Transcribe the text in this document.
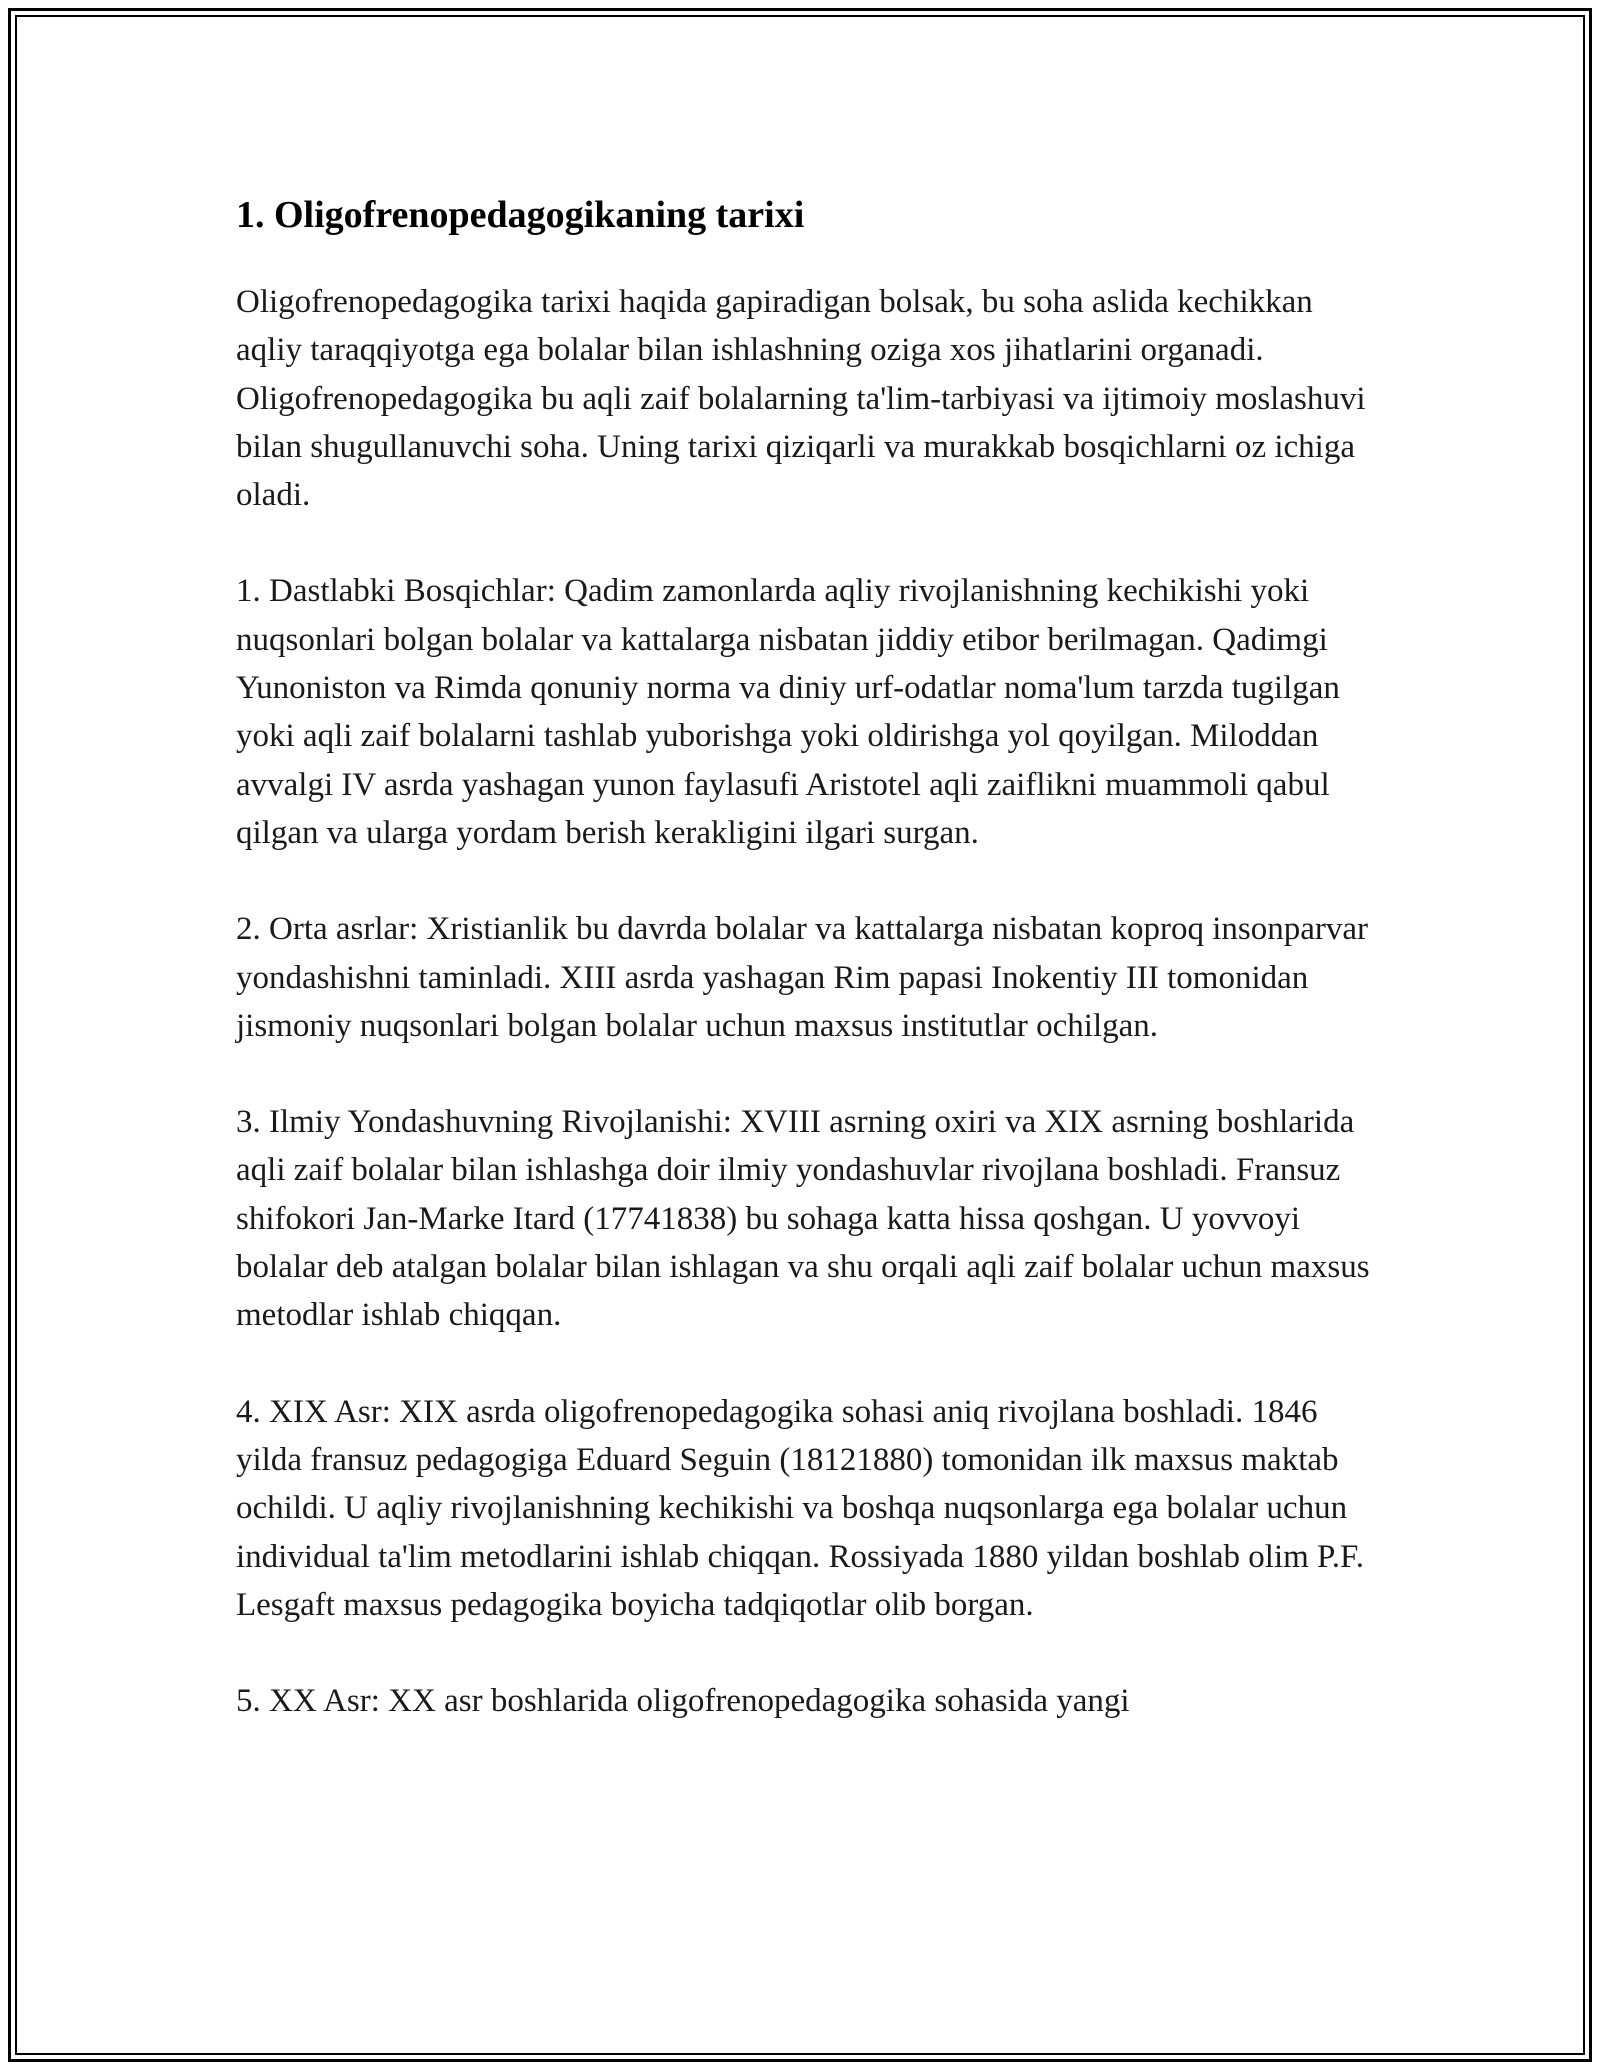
1. Oligofrenopedagogikaning tarixi

Oligofrenopedagogika tarixi haqida gapiradigan bolsak, bu soha aslida kechikkan aqliy taraqqiyotga ega bolalar bilan ishlashning oziga xos jihatlarini organadi. Oligofrenopedagogika bu aqli zaif bolalarning ta'lim-tarbiyasi va ijtimoiy moslashuvi bilan shugullanuvchi soha. Uning tarixi qiziqarli va murakkab bosqichlarni oz ichiga oladi.

1. Dastlabki Bosqichlar: Qadim zamonlarda aqliy rivojlanishning kechikishi yoki nuqsonlari bolgan bolalar va kattalarga nisbatan jiddiy etibor berilmagan. Qadimgi Yunoniston va Rimda qonuniy norma va diniy urf-odatlar noma'lum tarzda tugilgan yoki aqli zaif bolalarni tashlab yuborishga yoki oldirishga yol qoyilgan. Miloddan avvalgi IV asrda yashagan yunon faylasufi Aristotel aqli zaiflikni muammoli qabul qilgan va ularga yordam berish kerakligini ilgari surgan.

2. Orta asrlar: Xristianlik bu davrda bolalar va kattalarga nisbatan koproq insonparvar yondashishni taminladi. XIII asrda yashagan Rim papasi Inokentiy III tomonidan jismoniy nuqsonlari bolgan bolalar uchun maxsus institutlar ochilgan.

3. Ilmiy Yondashuvning Rivojlanishi: XVIII asrning oxiri va XIX asrning boshlarida aqli zaif bolalar bilan ishlashga doir ilmiy yondashuvlar rivojlana boshladi. Fransuz shifokori Jan-Marke Itard (17741838) bu sohaga katta hissa qoshgan. U yovvoyi bolalar deb atalgan bolalar bilan ishlagan va shu orqali aqli zaif bolalar uchun maxsus metodlar ishlab chiqqan.

4. XIX Asr: XIX asrda oligofrenopedagogika sohasi aniq rivojlana boshladi. 1846 yilda fransuz pedagogiga Eduard Seguin (18121880) tomonidan ilk maxsus maktab ochildi. U aqliy rivojlanishning kechikishi va boshqa nuqsonlarga ega bolalar uchun individual ta'lim metodlarini ishlab chiqqan. Rossiyada 1880 yildan boshlab olim P.F. Lesgaft maxsus pedagogika boyicha tadqiqotlar olib borgan.

5. XX Asr: XX asr boshlarida oligofrenopedagogika sohasida yangi
